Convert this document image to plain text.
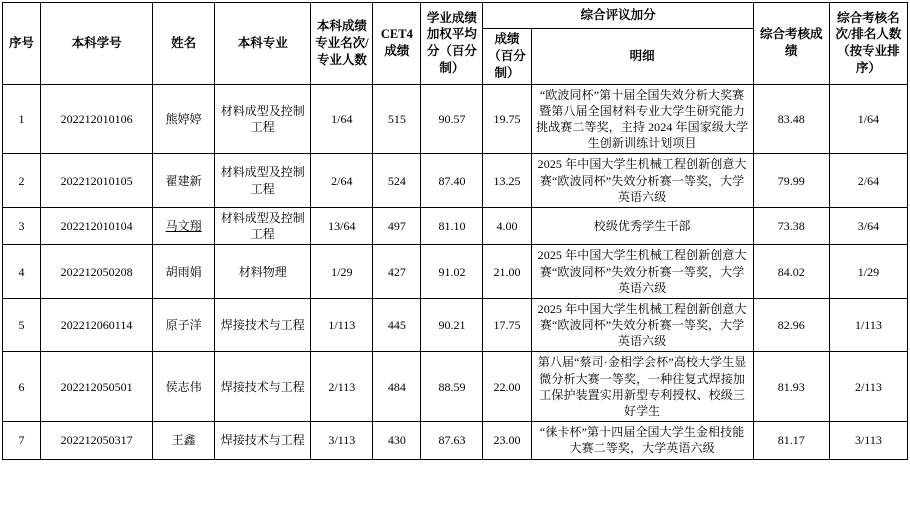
序号	本科学号	姓名	本科专业	本科成绩专业名次/专业人数	CET4成绩	学业成绩加权平均分（百分制）	综合评议加分		综合考核成绩	综合考核名次/排名人数（按专业排序）
							成绩（百分制）	明细		
1	202212010106	熊婷婷	材料成型及控制工程	1/64	515	90.57	19.75	“欧波同杯”第十届全国失效分析大奖赛暨第八届全国材料专业大学生研究能力挑战赛二等奖，主持 2024 年国家级大学生创新训练计划项目	83.48	1/64
2	202212010105	翟建新	材料成型及控制工程	2/64	524	87.40	13.25	2025 年中国大学生机械工程创新创意大赛“欧波同杯”失效分析赛一等奖，大学英语六级	79.99	2/64
3	202212010104	马文翔	材料成型及控制工程	13/64	497	81.10	4.00	校级优秀学生干部	73.38	3/64
4	202212050208	胡雨娟	材料物理	1/29	427	91.02	21.00	2025 年中国大学生机械工程创新创意大赛“欧波同杯”失效分析赛一等奖，大学英语六级	84.02	1/29
5	202212060114	原子洋	焊接技术与工程	1/113	445	90.21	17.75	2025 年中国大学生机械工程创新创意大赛“欧波同杯”失效分析赛一等奖，大学英语六级	82.96	1/113
6	202212050501	侯志伟	焊接技术与工程	2/113	484	88.59	22.00	第八届“蔡司·金相学会杯”高校大学生显微分析大赛一等奖，一种往复式焊接加工保护装置实用新型专利授权、校级三好学生	81.93	2/113
7	202212050317	王鑫	焊接技术与工程	3/113	430	87.63	23.00	“徕卡杯”第十四届全国大学生金相技能大赛二等奖，大学英语六级	81.17	3/113
